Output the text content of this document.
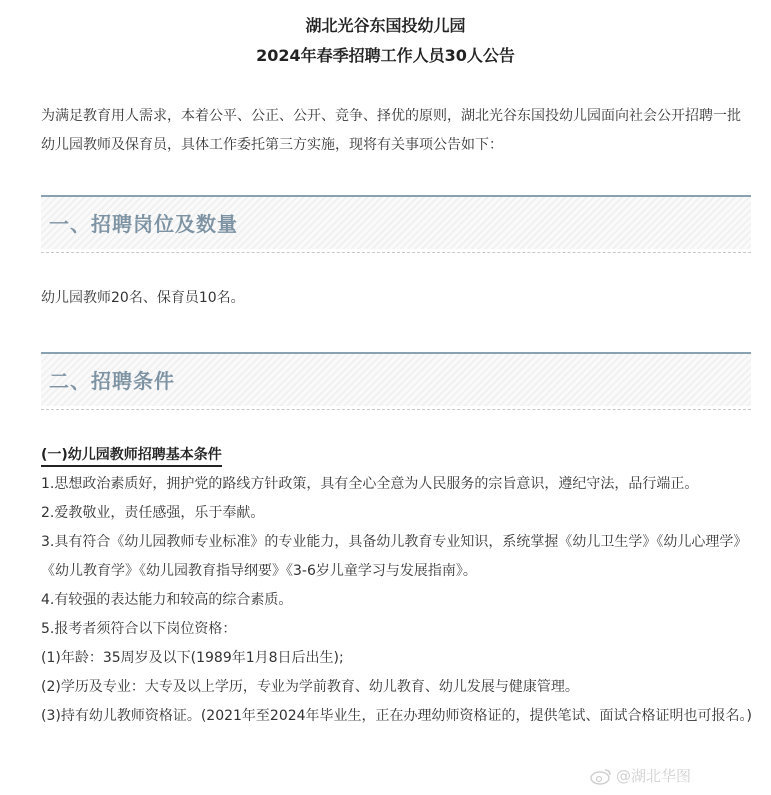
湖北光谷东国投幼儿园
2024年春季招聘工作人员30人公告
为满足教育用人需求，本着公平、公正、公开、竞争、择优的原则，湖北光谷东国投幼儿园面向社会公开招聘一批幼儿园教师及保育员，具体工作委托第三方实施，现将有关事项公告如下：
一、招聘岗位及数量
幼儿园教师20名、保育员10名。
二、招聘条件
(一)幼儿园教师招聘基本条件

1.思想政治素质好，拥护党的路线方针政策，具有全心全意为人民服务的宗旨意识，遵纪守法，品行端正。

2.爱教敬业，责任感强，乐于奉献。

3.具有符合《幼儿园教师专业标准》的专业能力，具备幼儿教育专业知识，系统掌握《幼儿卫生学》《幼儿心理学》《幼儿教育学》《幼儿园教育指导纲要》《3-6岁儿童学习与发展指南》。

4.有较强的表达能力和较高的综合素质。

5.报考者须符合以下岗位资格：

(1)年龄：35周岁及以下(1989年1月8日后出生);

(2)学历及专业：大专及以上学历，专业为学前教育、幼儿教育、幼儿发展与健康管理。

(3)持有幼儿教师资格证。(2021年至2024年毕业生，正在办理幼师资格证的，提供笔试、面试合格证明也可报名。)

@湖北华图
